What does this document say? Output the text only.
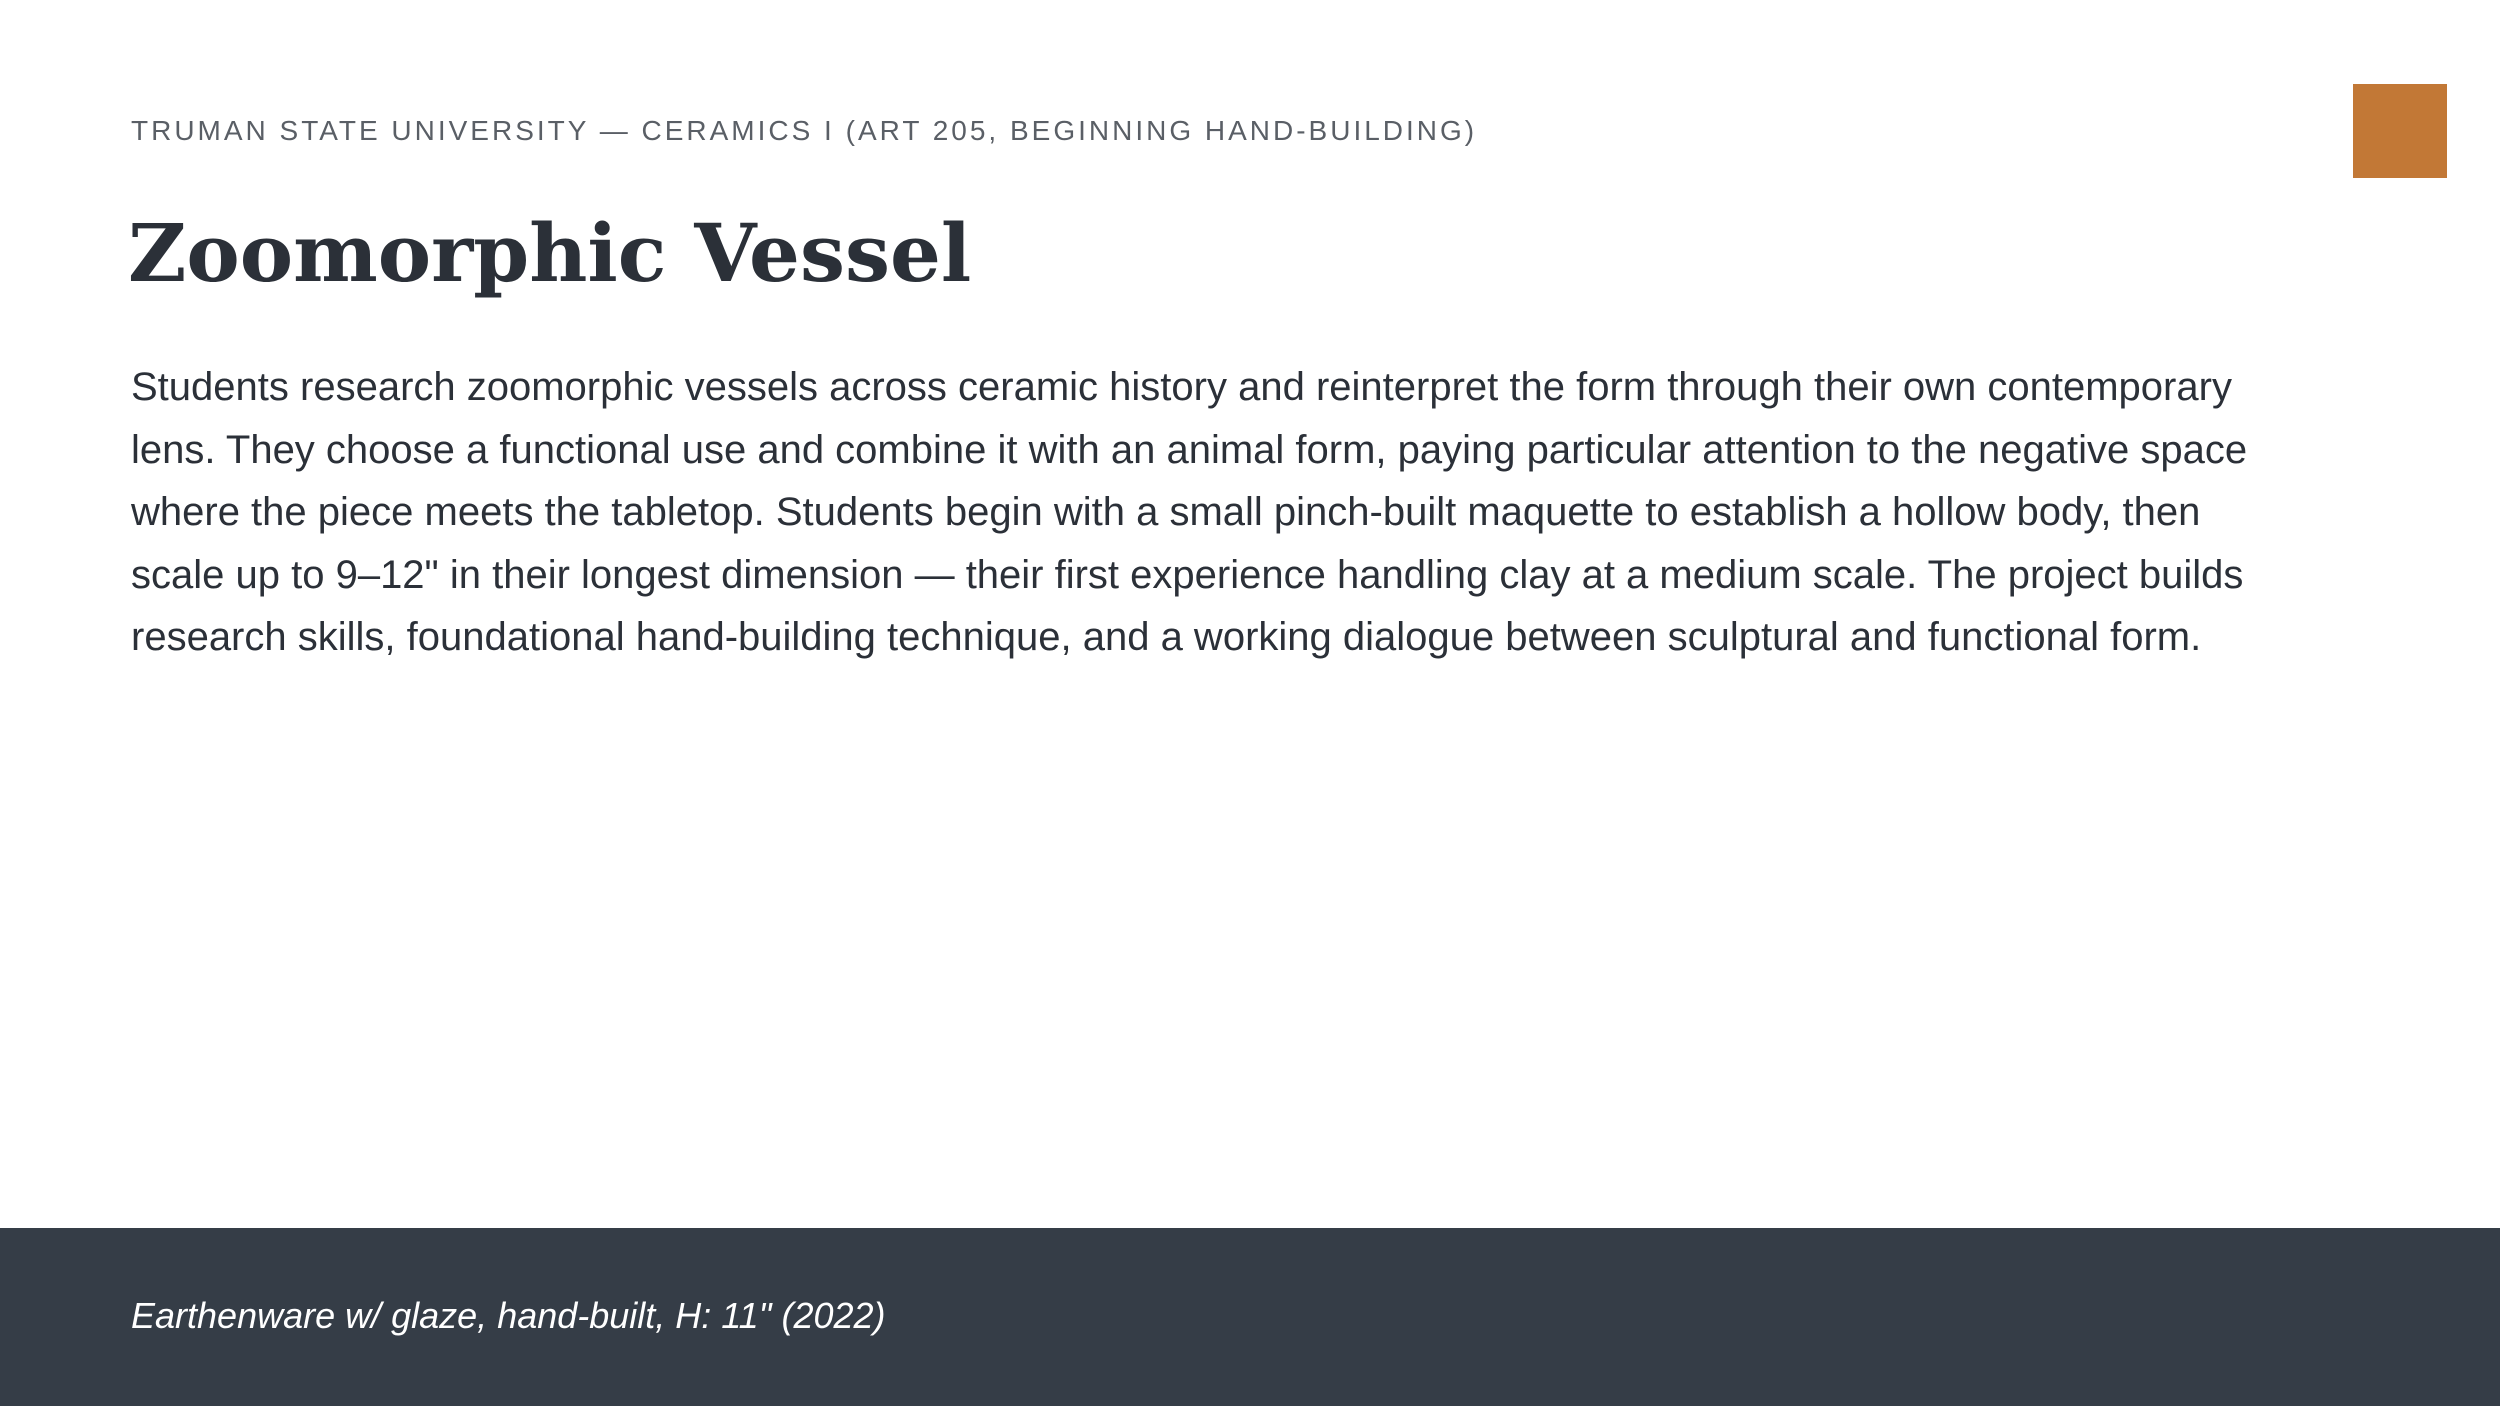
TRUMAN STATE UNIVERSITY — CERAMICS I (ART 205, BEGINNING HAND-BUILDING)
Zoomorphic Vessel

Students research zoomorphic vessels across ceramic history and reinterpret the form through their own contemporary lens. They choose a functional use and combine it with an animal form, paying particular attention to the negative space where the piece meets the tabletop. Students begin with a small pinch-built maquette to establish a hollow body, then scale up to 9–12" in their longest dimension — their first experience handling clay at a medium scale. The project builds research skills, foundational hand-building technique, and a working dialogue between sculptural and functional form.

Earthenware w/ glaze, hand-built, H: 11" (2022)
